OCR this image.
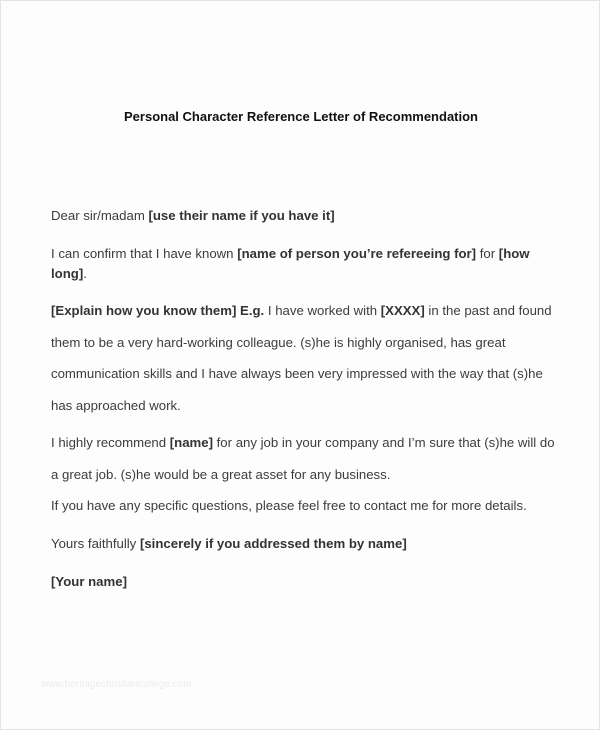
Personal Character Reference Letter of Recommendation

Dear sir/madam [use their name if you have it]

I can confirm that I have known [name of person you’re refereeing for] for [how long].

[Explain how you know them] E.g. I have worked with [XXXX] in the past and found them to be a very hard-working colleague. (s)he is highly organised, has great communication skills and I have always been very impressed with the way that (s)he has approached work.

I highly recommend [name] for any job in your company and I’m sure that (s)he will do a great job. (s)he would be a great asset for any business.

If you have any specific questions, please feel free to contact me for more details.

Yours faithfully [sincerely if you addressed them by name]

[Your name]

www.heritagechristiancollege.com
